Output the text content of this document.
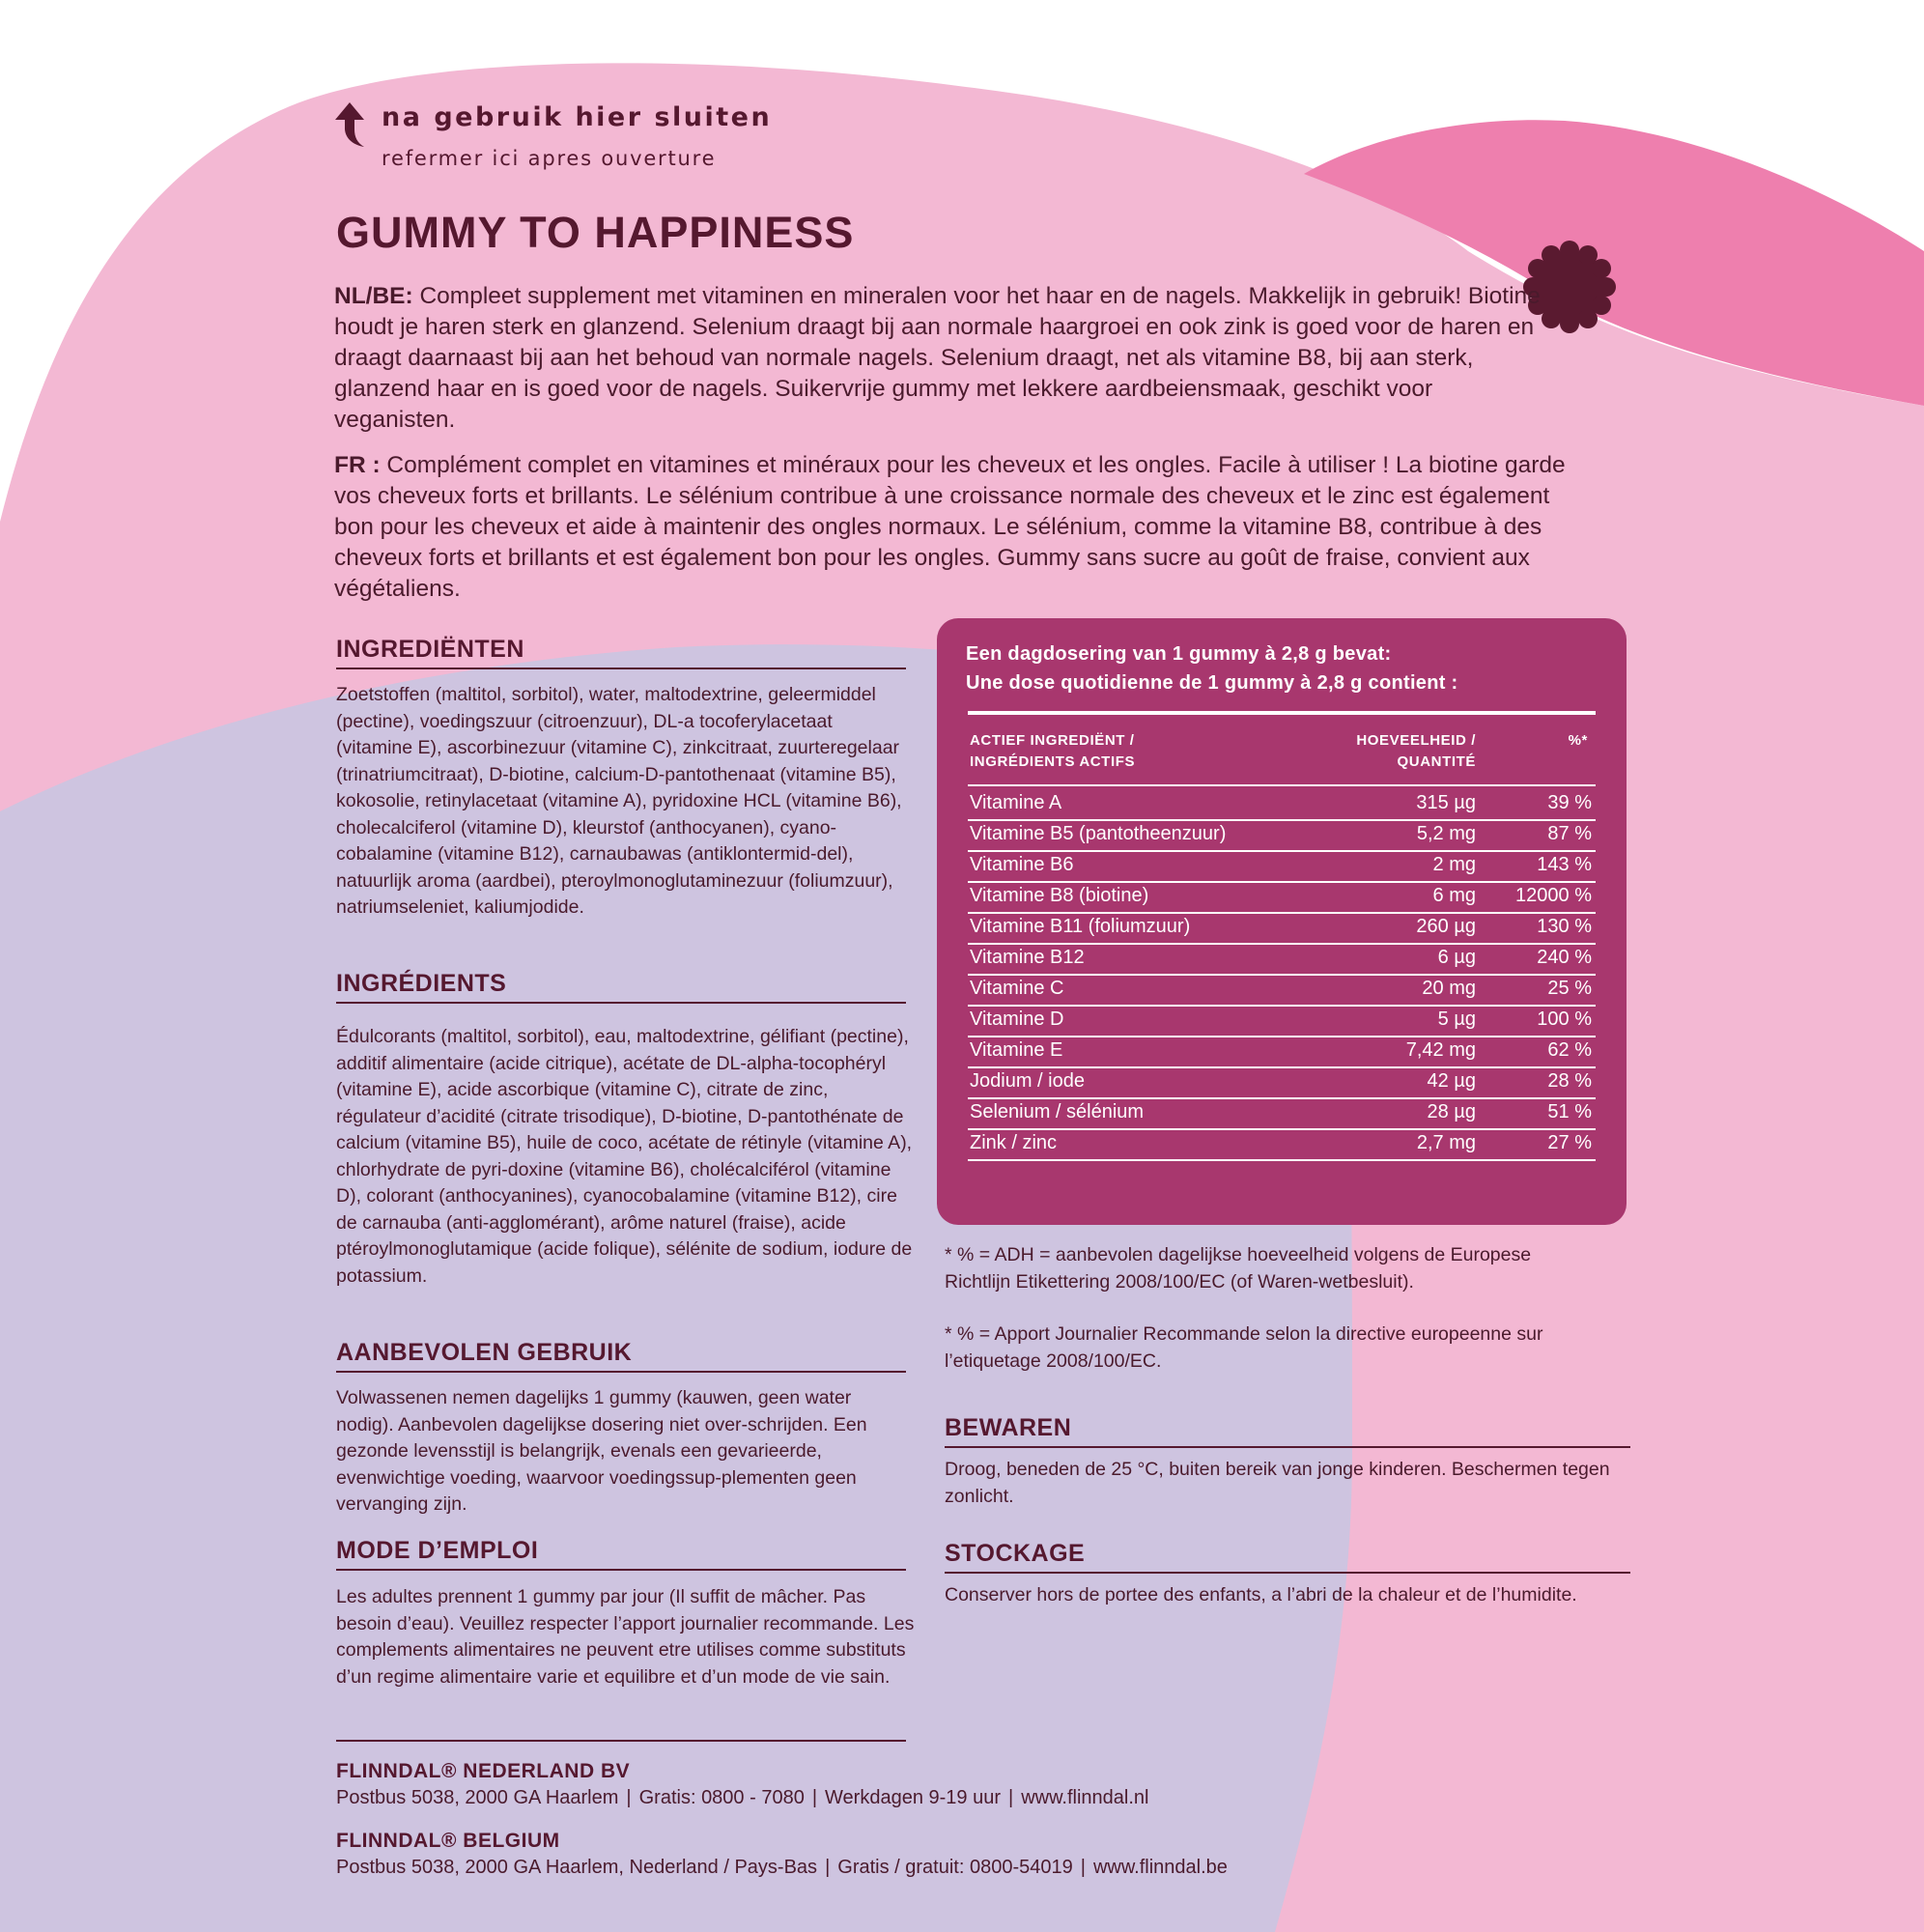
na gebruik hier sluiten
refermer ici apres ouverture
GUMMY TO HAPPINESS
NL/BE: Compleet supplement met vitaminen en mineralen voor het haar en de nagels. Makkelijk in gebruik! Biotine houdt je haren sterk en glanzend. Selenium draagt bij aan normale haargroei en ook zink is goed voor de haren en draagt daarnaast bij aan het behoud van normale nagels. Selenium draagt, net als vitamine B8, bij aan sterk, glanzend haar en is goed voor de nagels. Suikervrije gummy met lekkere aardbeiensmaak, geschikt voor veganisten.
FR : Complément complet en vitamines et minéraux pour les cheveux et les ongles. Facile à utiliser ! La biotine garde vos cheveux forts et brillants. Le sélénium contribue à une croissance normale des cheveux et le zinc est également bon pour les cheveux et aide à maintenir des ongles normaux. Le sélénium, comme la vitamine B8, contribue à des cheveux forts et brillants et est également bon pour les ongles. Gummy sans sucre au goût de fraise, convient aux végétaliens.
INGREDIËNTEN
Zoetstoffen (maltitol, sorbitol), water, maltodextrine, geleermiddel (pectine), voedingszuur (citroenzuur), DL-a tocoferylacetaat (vitamine E), ascorbinezuur (vitamine C), zinkcitraat, zuurteregelaar (trinatriumcitraat), D-biotine, calcium-D-pantothenaat (vitamine B5), kokosolie, retinylacetaat (vitamine A), pyridoxine HCL (vitamine B6), cholecalciferol (vitamine D), kleurstof (anthocyanen), cyano-cobalamine (vitamine B12), carnaubawas (antiklontermid-del), natuurlijk aroma (aardbei), pteroylmonoglutaminezuur (foliumzuur), natriumseleniet, kaliumjodide.
INGRÉDIENTS
Édulcorants (maltitol, sorbitol), eau, maltodextrine, gélifiant (pectine), additif alimentaire (acide citrique), acétate de DL-alpha-tocophéryl (vitamine E), acide ascorbique (vitamine C), citrate de zinc, régulateur d’acidité (citrate trisodique), D-biotine, D-pantothénate de calcium (vitamine B5), huile de coco, acétate de rétinyle (vitamine A), chlorhydrate de pyri-doxine (vitamine B6), cholécalciférol (vitamine D), colorant (anthocyanines), cyanocobalamine (vitamine B12), cire de carnauba (anti-agglomérant), arôme naturel (fraise), acide ptéroylmonoglutamique (acide folique), sélénite de sodium, iodure de potassium.
AANBEVOLEN GEBRUIK
Volwassenen nemen dagelijks 1 gummy (kauwen, geen water nodig). Aanbevolen dagelijkse dosering niet over-schrijden. Een gezonde levensstijl is belangrijk, evenals een gevarieerde, evenwichtige voeding, waarvoor voedingssup-plementen geen vervanging zijn.
MODE D’EMPLOI
Les adultes prennent 1 gummy par jour (Il suffit de mâcher. Pas besoin d’eau). Veuillez respecter l’apport journalier recommande. Les complements alimentaires ne peuvent etre utilises comme substituts d’un regime alimentaire varie et equilibre et d’un mode de vie sain.
Een dagdosering van 1 gummy à 2,8 g bevat:
Une dose quotidienne de 1 gummy à 2,8 g contient :
ACTIEF INGREDIËNT /
INGRÉDIENTS ACTIFS
HOEVEELHEID /
QUANTITÉ
%*
Vitamine A	315 µg	39 %
Vitamine B5 (pantotheenzuur)	5,2 mg	87 %
Vitamine B6	2 mg	143 %
Vitamine B8 (biotine)	6 mg 12000 %
Vitamine B11 (foliumzuur)	260 µg	130 %
Vitamine B12	6 µg	240 %
Vitamine C	20 mg	25 %
Vitamine D	5 µg	100 %
Vitamine E	7,42 mg	62 %
Jodium / iode	42 µg	28 %
Selenium / sélénium	28 µg	51 %
Zink / zinc	2,7 mg	27 %
* % = ADH = aanbevolen dagelijkse hoeveelheid volgens de Europese Richtlijn Etikettering 2008/100/EC (of Waren-wetbesluit).
* % = Apport Journalier Recommande selon la directive europeenne sur l’etiquetage 2008/100/EC.
BEWAREN
Droog, beneden de 25 °C, buiten bereik van jonge kinderen. Beschermen tegen zonlicht.
STOCKAGE
Conserver hors de portee des enfants, a l’abri de la chaleur et de l’humidite.
FLINNDAL® NEDERLAND BV
Postbus 5038, 2000 GA Haarlem | Gratis: 0800 - 7080 | Werkdagen 9-19 uur | www.flinndal.nl
FLINNDAL® BELGIUM
Postbus 5038, 2000 GA Haarlem, Nederland / Pays-Bas | Gratis / gratuit: 0800-54019 | www.flinndal.be
